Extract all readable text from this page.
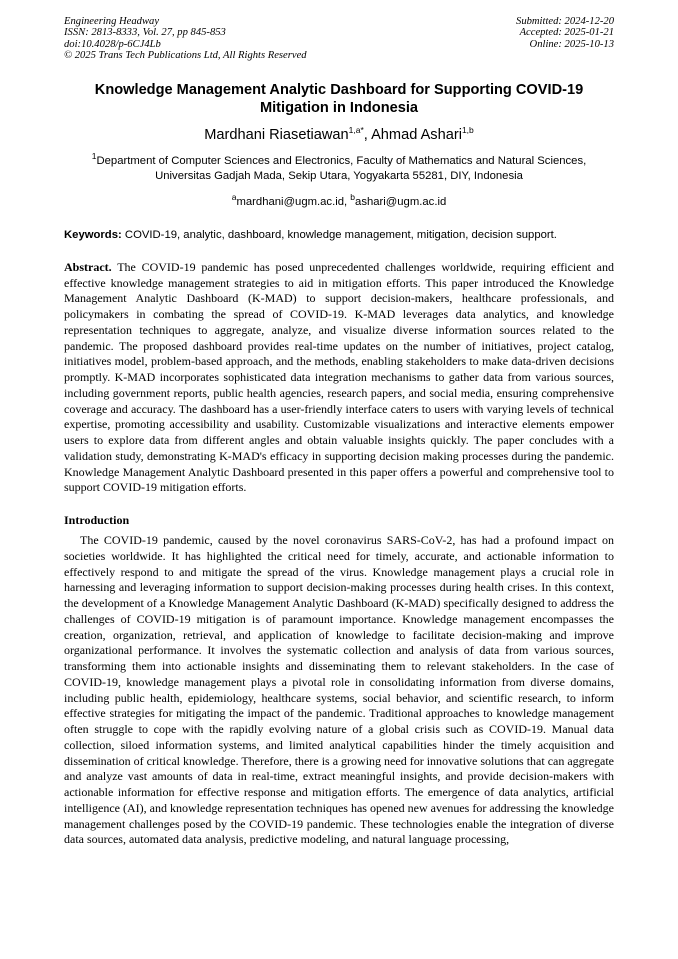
Engineering Headway
ISSN: 2813-8333, Vol. 27, pp 845-853
doi:10.4028/p-6CJ4Lb
© 2025 Trans Tech Publications Ltd, All Rights Reserved
Submitted: 2024-12-20
Accepted: 2025-01-21
Online: 2025-10-13
Knowledge Management Analytic Dashboard for Supporting COVID-19 Mitigation in Indonesia
Mardhani Riasetiawan$^{1,a*}$, Ahmad Ashari$^{1,b}$
$^1$Department of Computer Sciences and Electronics, Faculty of Mathematics and Natural Sciences, Universitas Gadjah Mada, Sekip Utara, Yogyakarta 55281, DIY, Indonesia
$^a$mardhani@ugm.ac.id, $^b$ashari@ugm.ac.id
Keywords: COVID-19, analytic, dashboard, knowledge management, mitigation, decision support.
Abstract. The COVID-19 pandemic has posed unprecedented challenges worldwide, requiring efficient and effective knowledge management strategies to aid in mitigation efforts. This paper introduced the Knowledge Management Analytic Dashboard (K-MAD) to support decision-makers, healthcare professionals, and policymakers in combating the spread of COVID-19. K-MAD leverages data analytics, and knowledge representation techniques to aggregate, analyze, and visualize diverse information sources related to the pandemic. The proposed dashboard provides real-time updates on the number of initiatives, project catalog, initiatives model, problem-based approach, and the methods, enabling stakeholders to make data-driven decisions promptly. K-MAD incorporates sophisticated data integration mechanisms to gather data from various sources, including government reports, public health agencies, research papers, and social media, ensuring comprehensive coverage and accuracy. The dashboard has a user-friendly interface caters to users with varying levels of technical expertise, promoting accessibility and usability. Customizable visualizations and interactive elements empower users to explore data from different angles and obtain valuable insights quickly. The paper concludes with a validation study, demonstrating K-MAD's efficacy in supporting decision making processes during the pandemic. Knowledge Management Analytic Dashboard presented in this paper offers a powerful and comprehensive tool to support COVID-19 mitigation efforts.
Introduction
The COVID-19 pandemic, caused by the novel coronavirus SARS-CoV-2, has had a profound impact on societies worldwide. It has highlighted the critical need for timely, accurate, and actionable information to effectively respond to and mitigate the spread of the virus. Knowledge management plays a crucial role in harnessing and leveraging information to support decision-making processes during health crises. In this context, the development of a Knowledge Management Analytic Dashboard (K-MAD) specifically designed to address the challenges of COVID-19 mitigation is of paramount importance. Knowledge management encompasses the creation, organization, retrieval, and application of knowledge to facilitate decision-making and improve organizational performance. It involves the systematic collection and analysis of data from various sources, transforming them into actionable insights and disseminating them to relevant stakeholders. In the case of COVID-19, knowledge management plays a pivotal role in consolidating information from diverse domains, including public health, epidemiology, healthcare systems, social behavior, and scientific research, to inform effective strategies for mitigating the impact of the pandemic. Traditional approaches to knowledge management often struggle to cope with the rapidly evolving nature of a global crisis such as COVID-19. Manual data collection, siloed information systems, and limited analytical capabilities hinder the timely acquisition and dissemination of critical knowledge. Therefore, there is a growing need for innovative solutions that can aggregate and analyze vast amounts of data in real-time, extract meaningful insights, and provide decision-makers with actionable information for effective response and mitigation efforts. The emergence of data analytics, artificial intelligence (AI), and knowledge representation techniques has opened new avenues for addressing the knowledge management challenges posed by the COVID-19 pandemic. These technologies enable the integration of diverse data sources, automated data analysis, predictive modeling, and natural language processing,
